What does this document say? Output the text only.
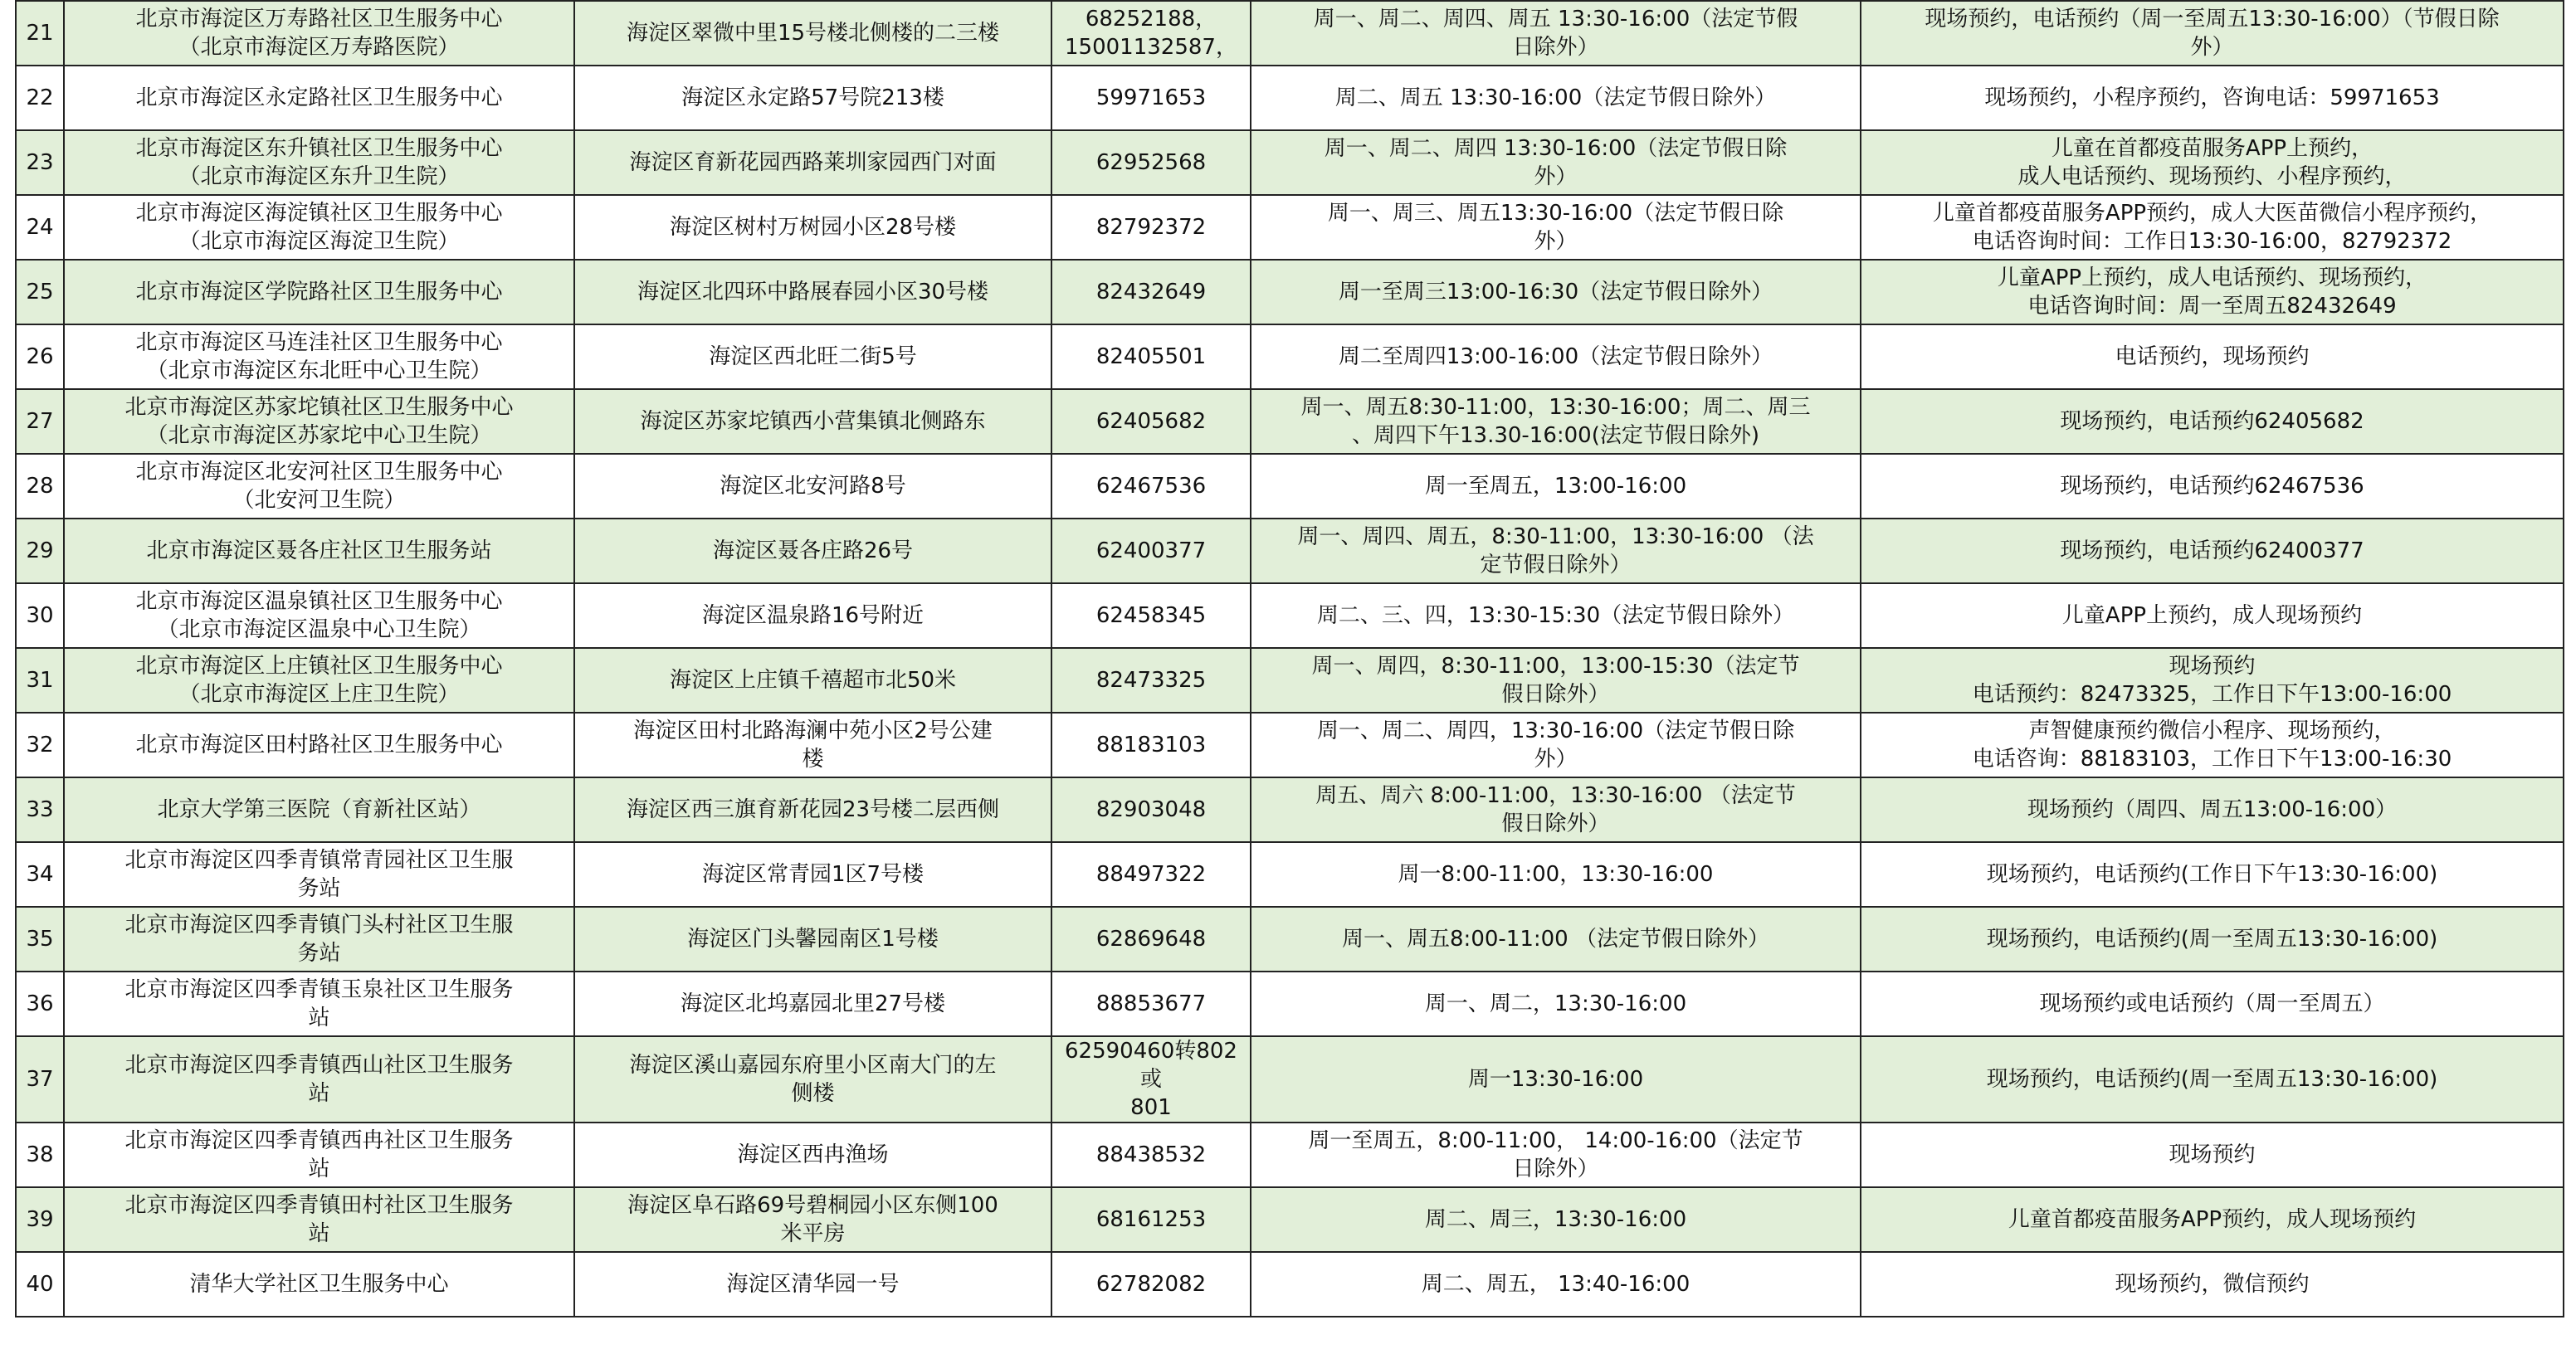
21	北京市海淀区万寿路社区卫生服务中心
（北京市海淀区万寿路医院）	海淀区翠微中里15号楼北侧楼的二三楼	68252188，
15001132587，	周一、周二、周四、周五 13:30-16:00（法定节假
日除外）	现场预约，电话预约（周一至周五13:30-16:00）（节假日除
外）
22	北京市海淀区永定路社区卫生服务中心	海淀区永定路57号院213楼	59971653	周二、周五 13:30-16:00（法定节假日除外）	现场预约，小程序预约，咨询电话：59971653
23	北京市海淀区东升镇社区卫生服务中心
（北京市海淀区东升卫生院）	海淀区育新花园西路莱圳家园西门对面	62952568	周一、周二、周四 13:30-16:00（法定节假日除
外）	儿童在首都疫苗服务APP上预约，
成人电话预约、现场预约、小程序预约，
24	北京市海淀区海淀镇社区卫生服务中心
（北京市海淀区海淀卫生院）	海淀区树村万树园小区28号楼	82792372	周一、周三、周五13:30-16:00（法定节假日除
外）	儿童首都疫苗服务APP预约，成人大医苗微信小程序预约，
电话咨询时间：工作日13:30-16:00，82792372
25	北京市海淀区学院路社区卫生服务中心	海淀区北四环中路展春园小区30号楼	82432649	周一至周三13:00-16:30（法定节假日除外）	儿童APP上预约，成人电话预约、现场预约，
电话咨询时间：周一至周五82432649
26	北京市海淀区马连洼社区卫生服务中心
（北京市海淀区东北旺中心卫生院）	海淀区西北旺二街5号	82405501	周二至周四13:00-16:00（法定节假日除外）	电话预约，现场预约
27	北京市海淀区苏家坨镇社区卫生服务中心
（北京市海淀区苏家坨中心卫生院）	海淀区苏家坨镇西小营集镇北侧路东	62405682	周一、周五8:30-11:00，13:30-16:00；周二、周三
、周四下午13.30-16:00(法定节假日除外)	现场预约，电话预约62405682
28	北京市海淀区北安河社区卫生服务中心
（北安河卫生院）	海淀区北安河路8号	62467536	周一至周五，13:00-16:00	现场预约，电话预约62467536
29	北京市海淀区聂各庄社区卫生服务站	海淀区聂各庄路26号	62400377	周一、周四、周五，8:30-11:00，13:30-16:00 （法
定节假日除外）	现场预约，电话预约62400377
30	北京市海淀区温泉镇社区卫生服务中心
（北京市海淀区温泉中心卫生院）	海淀区温泉路16号附近	62458345	周二、三、四，13:30-15:30（法定节假日除外）	儿童APP上预约，成人现场预约
31	北京市海淀区上庄镇社区卫生服务中心
（北京市海淀区上庄卫生院）	海淀区上庄镇千禧超市北50米	82473325	周一、周四，8:30-11:00，13:00-15:30（法定节
假日除外）	现场预约
电话预约：82473325，工作日下午13:00-16:00
32	北京市海淀区田村路社区卫生服务中心	海淀区田村北路海澜中苑小区2号公建
楼	88183103	周一、周二、周四，13:30-16:00（法定节假日除
外）	声智健康预约微信小程序、现场预约，
电话咨询：88183103，工作日下午13:00-16:30
33	北京大学第三医院（育新社区站）	海淀区西三旗育新花园23号楼二层西侧	82903048	周五、周六 8:00-11:00，13:30-16:00 （法定节
假日除外）	现场预约（周四、周五13:00-16:00）
34	北京市海淀区四季青镇常青园社区卫生服
务站	海淀区常青园1区7号楼	88497322	周一8:00-11:00，13:30-16:00	现场预约，电话预约(工作日下午13:30-16:00)
35	北京市海淀区四季青镇门头村社区卫生服
务站	海淀区门头馨园南区1号楼	62869648	周一、周五8:00-11:00 （法定节假日除外）	现场预约，电话预约(周一至周五13:30-16:00)
36	北京市海淀区四季青镇玉泉社区卫生服务
站	海淀区北坞嘉园北里27号楼	88853677	周一、周二，13:30-16:00	现场预约或电话预约（周一至周五）
37	北京市海淀区四季青镇西山社区卫生服务
站	海淀区溪山嘉园东府里小区南大门的左
侧楼	62590460转802或
801	周一13:30-16:00	现场预约，电话预约(周一至周五13:30-16:00)
38	北京市海淀区四季青镇西冉社区卫生服务
站	海淀区西冉渔场	88438532	周一至周五，8:00-11:00， 14:00-16:00（法定节
日除外）	现场预约
39	北京市海淀区四季青镇田村社区卫生服务
站	海淀区阜石路69号碧桐园小区东侧100
米平房	68161253	周二、周三，13:30-16:00	儿童首都疫苗服务APP预约，成人现场预约
40	清华大学社区卫生服务中心	海淀区清华园一号	62782082	周二、周五， 13:40-16:00	现场预约，微信预约
